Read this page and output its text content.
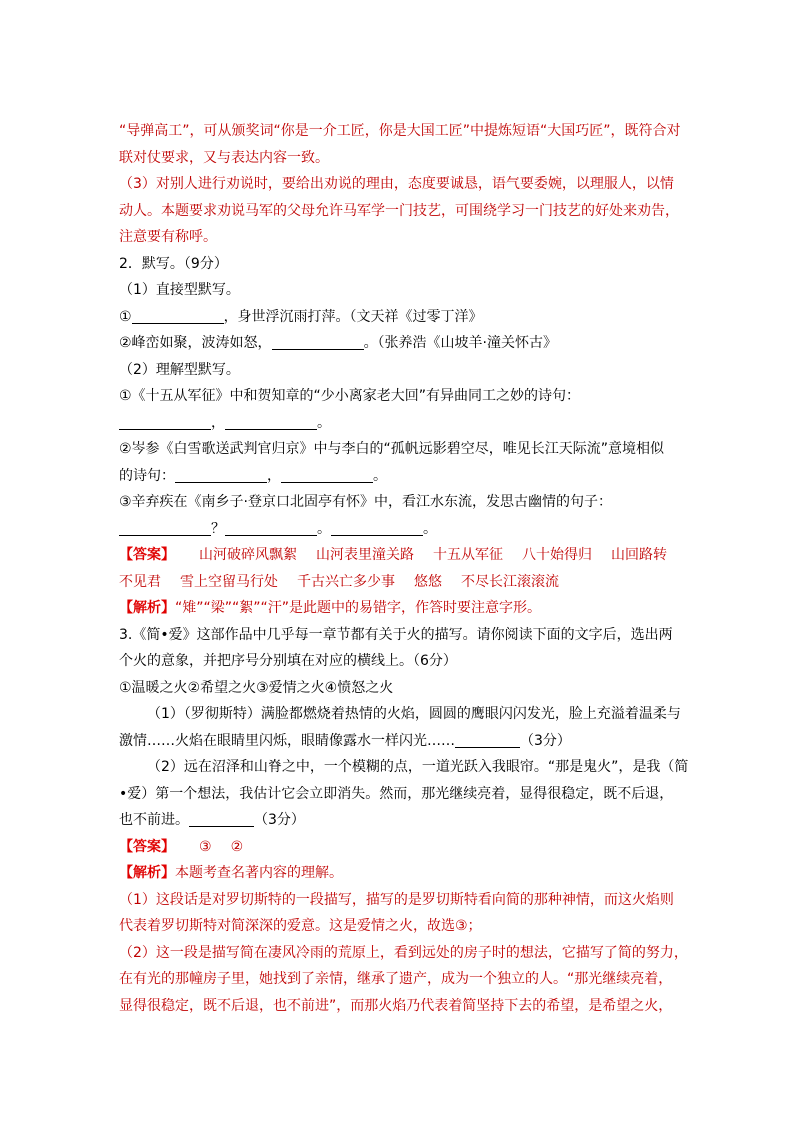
“导弹高工”，可从颁奖词“你是一介工匠，你是大国工匠”中提炼短语“大国巧匠”，既符合对
联对仗要求，又与表达内容一致。
（3）对别人进行劝说时，要给出劝说的理由，态度要诚恳，语气要委婉，以理服人，以情
动人。本题要求劝说马军的父母允许马军学一门技艺，可围绕学习一门技艺的好处来劝告，
注意要有称呼。
2．默写。（9分）
（1）直接型默写。
①	，身世浮沉雨打萍。（文天祥《过零丁洋》
②峰峦如聚，波涛如怒，	。（张养浩《山坡羊·潼关怀古》
（2）理解型默写。
①《十五从军征》中和贺知章的“少小离家老大回”有异曲同工之妙的诗句：
，	。
②岑参《白雪歌送武判官归京》中与李白的“孤帆远影碧空尽，唯见长江天际流”意境相似
的诗句：	，	。
③辛弃疾在《南乡子·登京口北固亭有怀》中，看江水东流，发思古幽情的句子：
？	。	。
【答案】 山河破碎风飘絮 山河表里潼关路 十五从军征 八十始得归 山回路转
不见君 雪上空留马行处 千古兴亡多少事 悠悠 不尽长江滚滚流
【解析】“雉”“梁”“絮”“汗”是此题中的易错字，作答时要注意字形。
3.《简•爱》这部作品中几乎每一章节都有关于火的描写。请你阅读下面的文字后，选出两
个火的意象，并把序号分别填在对应的横线上。（6分）
①温暖之火②希望之火③爱情之火④愤怒之火
（1）（罗彻斯特）满脸都燃烧着热情的火焰，圆圆的鹰眼闪闪发光，脸上充溢着温柔与
激情……火焰在眼睛里闪烁，眼睛像露水一样闪光……	（3分）
（2）远在沼泽和山脊之中，一个模糊的点，一道光跃入我眼帘。“那是鬼火”，是我（简
•爱）第一个想法，我估计它会立即消失。然而，那光继续亮着，显得很稳定，既不后退，
也不前进。	（3分）
【答案】 ③ ②
【解析】本题考查名著内容的理解。
（1）这段话是对罗切斯特的一段描写，描写的是罗切斯特看向简的那种神情，而这火焰则
代表着罗切斯特对简深深的爱意。这是爱情之火，故选③；
（2）这一段是描写简在凄风冷雨的荒原上，看到远处的房子时的想法，它描写了简的努力，
在有光的那幢房子里，她找到了亲情，继承了遗产，成为一个独立的人。“那光继续亮着，
显得很稳定，既不后退，也不前进”，而那火焰乃代表着简坚持下去的希望，是希望之火，
